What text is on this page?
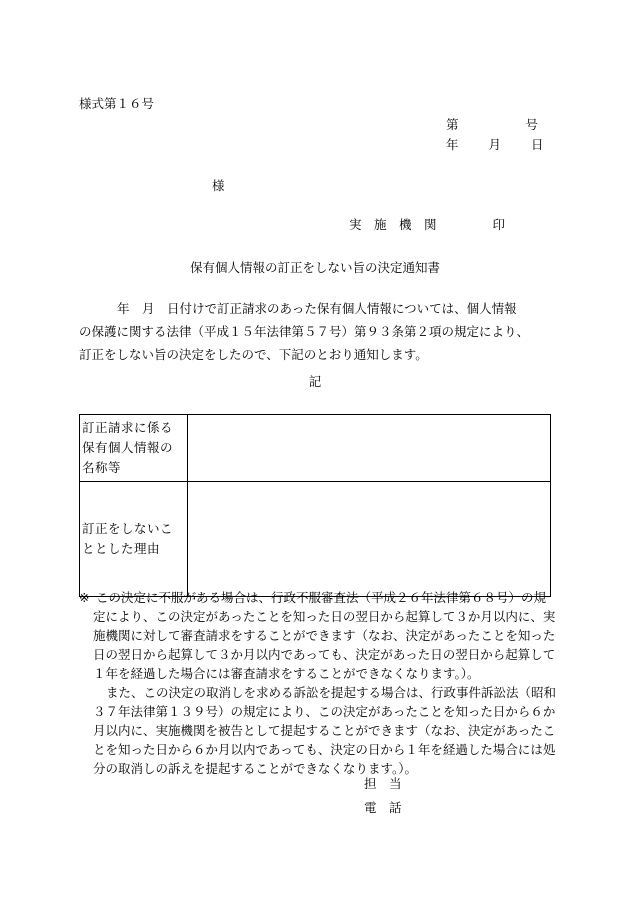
様式第１６号
第	号
年 月 日
様
実　施　機　関	印
保有個人情報の訂正をしない旨の決定通知書
年　月　日付けで訂正請求のあった保有個人情報については、個人情報
の保護に関する法律（平成１５年法律第５７号）第９３条第２項の規定により、
訂正をしない旨の決定をしたので、下記のとおり通知します。
記
訂正請求に係る
保有個人情報の
名称等	

訂正をしないこ
ととした理由	

※ この決定に不服がある場合は、行政不服審査法（平成２６年法律第６８号）の規
定により、この決定があったことを知った日の翌日から起算して３か月以内に、実
施機関に対して審査請求をすることができます（なお、決定があったことを知った
日の翌日から起算して３か月以内であっても、決定があった日の翌日から起算して
１年を経過した場合には審査請求をすることができなくなります。）。
また、この決定の取消しを求める訴訟を提起する場合は、行政事件訴訟法（昭和
３７年法律第１３９号）の規定により、この決定があったことを知った日から６か
月以内に、実施機関を被告として提起することができます（なお、決定があったこ
とを知った日から６か月以内であっても、決定の日から１年を経過した場合には処
分の取消しの訴えを提起することができなくなります。）。
担　当
電　話
